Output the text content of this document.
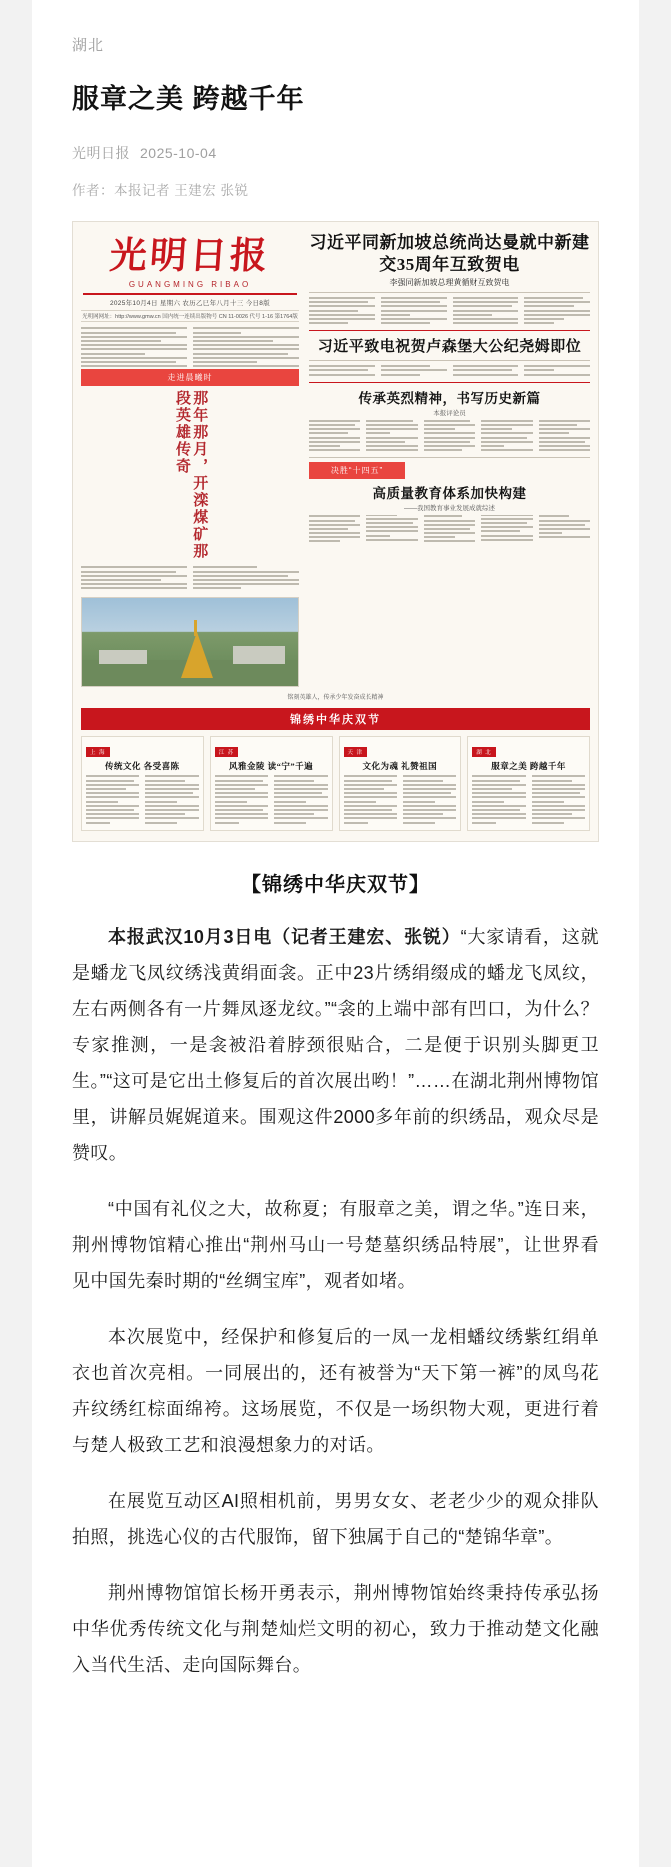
湖北
服章之美 跨越千年
光明日报 2025-10-04
作者：本报记者 王建宏 张锐
光明日报
GUANGMING RIBAO
2025年10月4日 星期六 农历乙巳年八月十三 今日8版
光明网网址：http://www.gmw.cn 国内统一连续出版物号 CN 11-0026 代号 1-16 第1764版
走进晨曦时
那年那月，开滦煤矿那段英雄传奇
习近平同新加坡总统尚达曼就中新建交35周年互致贺电
李强同新加坡总理黄循财互致贺电
习近平致电祝贺卢森堡大公纪尧姆即位
传承英烈精神，书写历史新篇
本报评论员
决胜“十四五”
高质量教育体系加快构建
——我国教育事业发展成就综述
铭刻英雄人，传承少年发奋成长精神
锦绣中华庆双节
上 海
传统文化 各受喜陈
江 苏
风雅金陵 读“宁”千遍
天 津
文化为魂 礼赞祖国
湖 北
服章之美 跨越千年
【锦绣中华庆双节】

本报武汉10月3日电（记者王建宏、张锐）“大家请看，这就是蟠龙飞凤纹绣浅黄绢面衾。正中23片绣绢缀成的蟠龙飞凤纹，左右两侧各有一片舞凤逐龙纹。”“衾的上端中部有凹口，为什么？专家推测，一是衾被沿着脖颈很贴合，二是便于识别头脚更卫生。”“这可是它出土修复后的首次展出哟！”……在湖北荆州博物馆里，讲解员娓娓道来。围观这件2000多年前的织绣品，观众尽是赞叹。

“中国有礼仪之大，故称夏；有服章之美，谓之华。”连日来，荆州博物馆精心推出“荆州马山一号楚墓织绣品特展”，让世界看见中国先秦时期的“丝绸宝库”，观者如堵。

本次展览中，经保护和修复后的一凤一龙相蟠纹绣紫红绢单衣也首次亮相。一同展出的，还有被誉为“天下第一裤”的凤鸟花卉纹绣红棕面绵袴。这场展览，不仅是一场织物大观，更进行着与楚人极致工艺和浪漫想象力的对话。

在展览互动区AI照相机前，男男女女、老老少少的观众排队拍照，挑选心仪的古代服饰，留下独属于自己的“楚锦华章”。

荆州博物馆馆长杨开勇表示，荆州博物馆始终秉持传承弘扬中华优秀传统文化与荆楚灿烂文明的初心，致力于推动楚文化融入当代生活、走向国际舞台。
